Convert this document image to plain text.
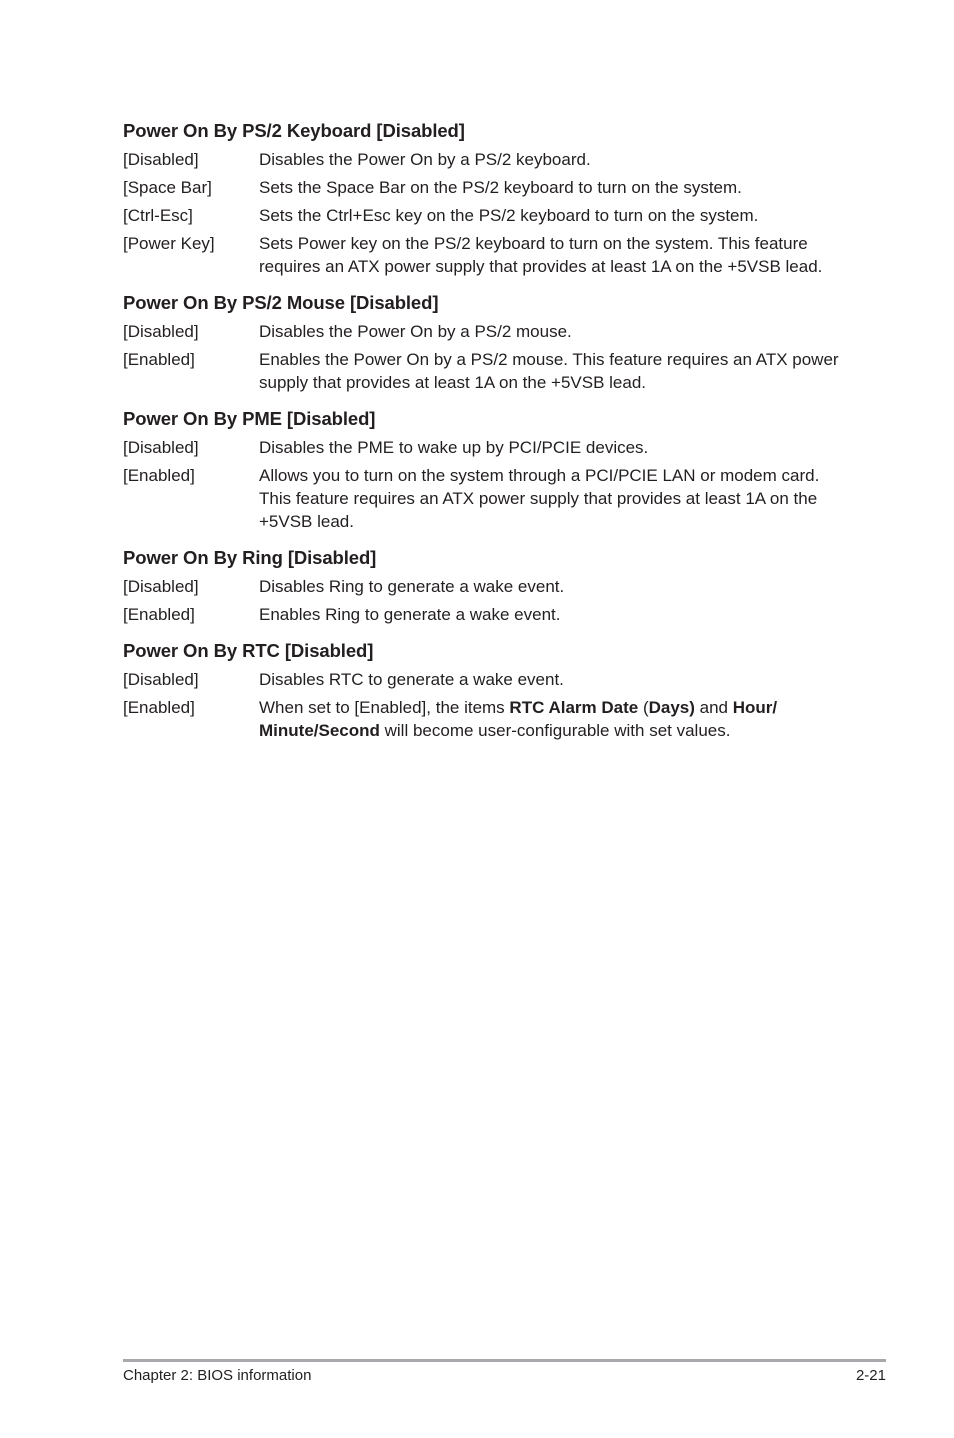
Power On By PS/2 Keyboard [Disabled]
[Disabled]	Disables the Power On by a PS/2 keyboard.
[Space Bar]	Sets the Space Bar on the PS/2 keyboard to turn on the system.
[Ctrl-Esc]	Sets the Ctrl+Esc key on the PS/2 keyboard to turn on the system.
[Power Key]	Sets Power key on the PS/2 keyboard to turn on the system. This feature requires an ATX power supply that provides at least 1A on the +5VSB lead.
Power On By PS/2 Mouse [Disabled]
[Disabled]	Disables the Power On by a PS/2 mouse.
[Enabled]	Enables the Power On by a PS/2 mouse. This feature requires an ATX power supply that provides at least 1A on the +5VSB lead.
Power On By PME [Disabled]
[Disabled]	Disables the PME to wake up by PCI/PCIE devices.
[Enabled]	Allows you to turn on the system through a PCI/PCIE LAN or modem card. This feature requires an ATX power supply that provides at least 1A on the +5VSB lead.
Power On By Ring [Disabled]
[Disabled]	Disables Ring to generate a wake event.
[Enabled]	Enables Ring to generate a wake event.
Power On By RTC [Disabled]
[Disabled]	Disables RTC to generate a wake event.
[Enabled]	When set to [Enabled], the items RTC Alarm Date (Days) and Hour/ Minute/Second will become user-configurable with set values.
Chapter 2: BIOS information	2-21
